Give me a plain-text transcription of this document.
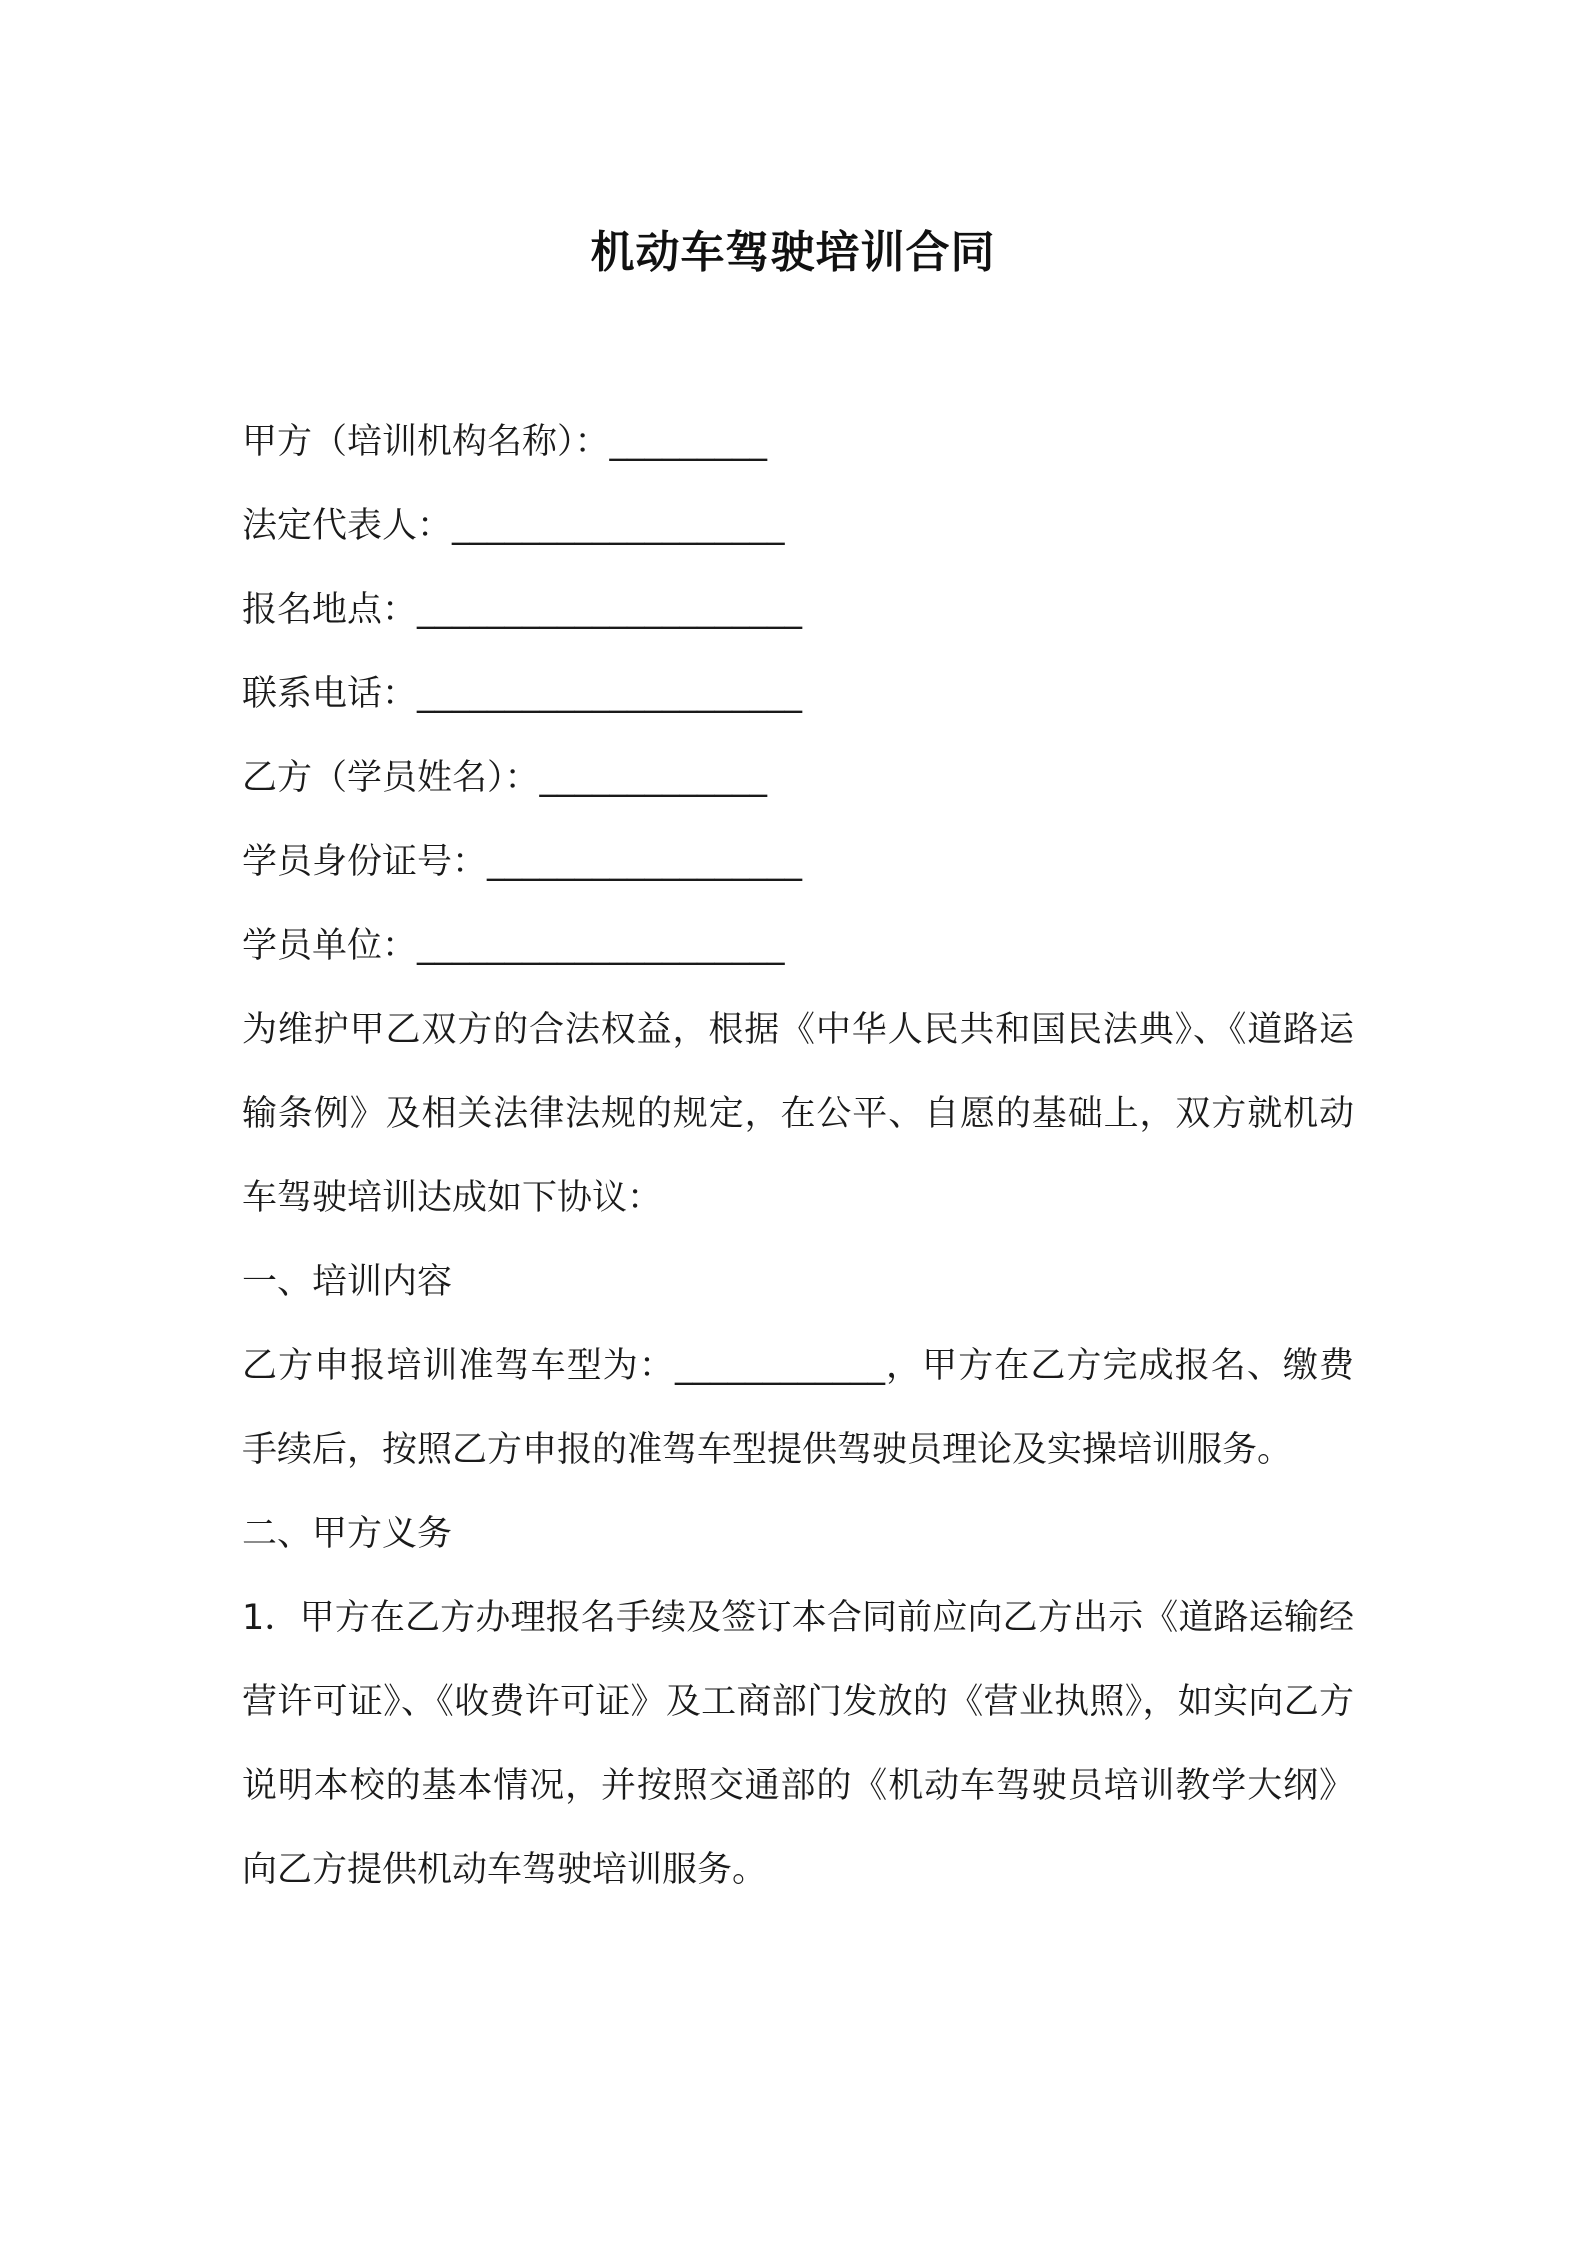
机动车驾驶培训合同
甲方（培训机构名称）：_________
法定代表人：___________________
报名地点：______________________
联系电话：______________________
乙方（学员姓名）：_____________
学员身份证号：__________________
学员单位：_____________________
为维护甲乙双方的合法权益，根据《中华人民共和国民法典》、《道路运输条例》及相关法律法规的规定，在公平、自愿的基础上，双方就机动车驾驶培训达成如下协议：
一、培训内容
乙方申报培训准驾车型为：____________，甲方在乙方完成报名、缴费手续后，按照乙方申报的准驾车型提供驾驶员理论及实操培训服务。
二、甲方义务
1．甲方在乙方办理报名手续及签订本合同前应向乙方出示《道路运输经营许可证》、《收费许可证》及工商部门发放的《营业执照》，如实向乙方说明本校的基本情况，并按照交通部的《机动车驾驶员培训教学大纲》向乙方提供机动车驾驶培训服务。
